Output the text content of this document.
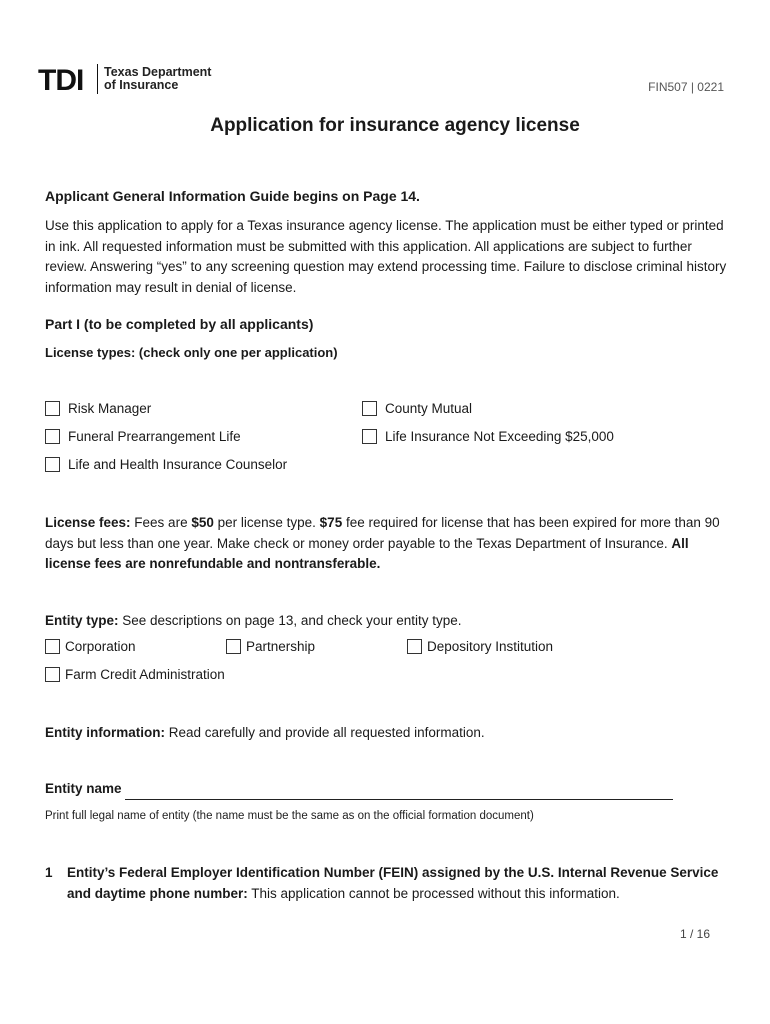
TDI Texas Department
of Insurance	FIN507 | 0221
Application for insurance agency license
Applicant General Information Guide begins on Page 14.
Use this application to apply for a Texas insurance agency license. The application must be either typed or printed in ink. All requested information must be submitted with this application. All applications are subject to further review. Answering “yes” to any screening question may extend processing time. Failure to disclose criminal history information may result in denial of license.
Part I (to be completed by all applicants)
License types: (check only one per application)
Risk Manager	County Mutual
Funeral Prearrangement Life	Life Insurance Not Exceeding $25,000
Life and Health Insurance Counselor
License fees: Fees are $50 per license type. $75 fee required for license that has been expired for more than 90 days but less than one year. Make check or money order payable to the Texas Department of Insurance. All license fees are nonrefundable and nontransferable.
Entity type: See descriptions on page 13, and check your entity type.
Corporation	Partnership	Depository Institution
Farm Credit Administration
Entity information: Read carefully and provide all requested information.
Entity name
Print full legal name of entity (the name must be the same as on the official formation document)
1 Entity’s Federal Employer Identification Number (FEIN) assigned by the U.S. Internal Revenue Service and daytime phone number: This application cannot be processed without this information.
1 / 16
